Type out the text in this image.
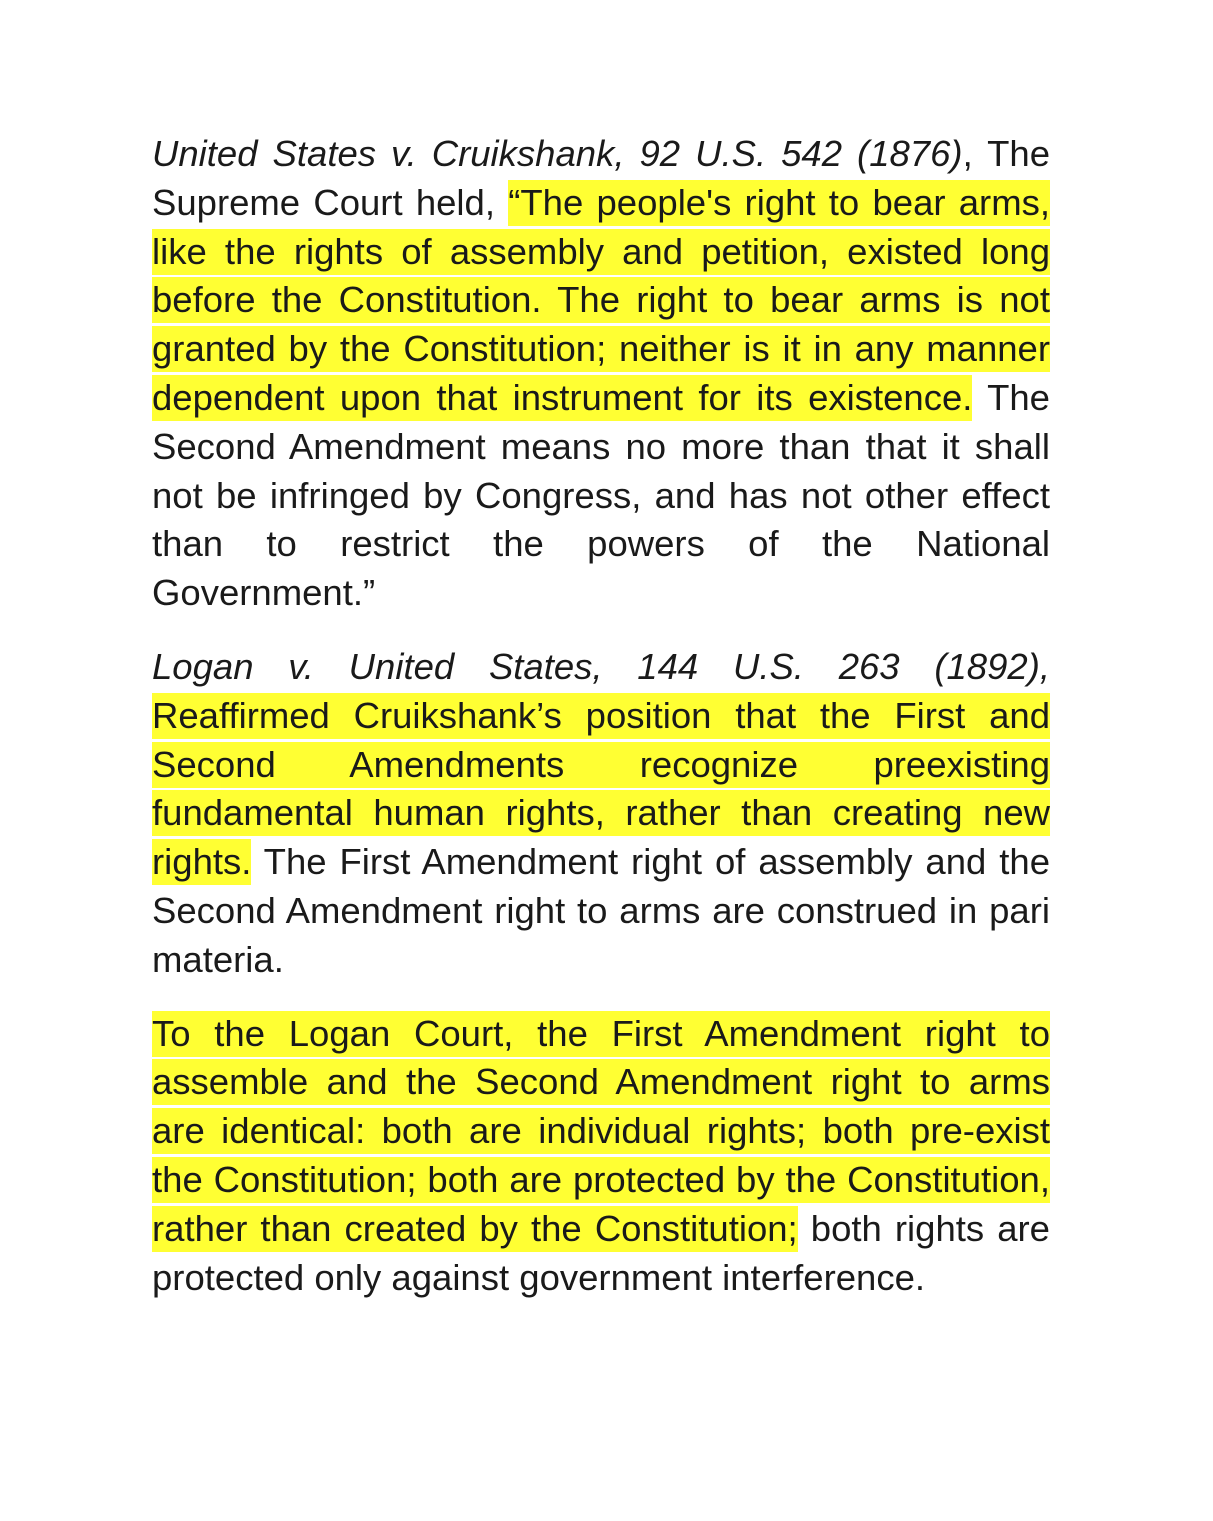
United States v. Cruikshank, 92 U.S. 542 (1876), The Supreme Court held, “The people's right to bear arms, like the rights of assembly and petition, existed long before the Constitution. The right to bear arms is not granted by the Constitution; neither is it in any manner dependent upon that instrument for its existence. The Second Amendment means no more than that it shall not be infringed by Congress, and has not other effect than to restrict the powers of the National Government.”

Logan v. United States, 144 U.S. 263 (1892), Reaffirmed Cruikshank’s position that the First and Second Amendments recognize preexisting fundamental human rights, rather than creating new rights. The First Amendment right of assembly and the Second Amendment right to arms are construed in pari materia.

To the Logan Court, the First Amendment right to assemble and the Second Amendment right to arms are identical: both are individual rights; both pre-exist the Constitution; both are protected by the Constitution, rather than created by the Constitution; both rights are protected only against government interference.
